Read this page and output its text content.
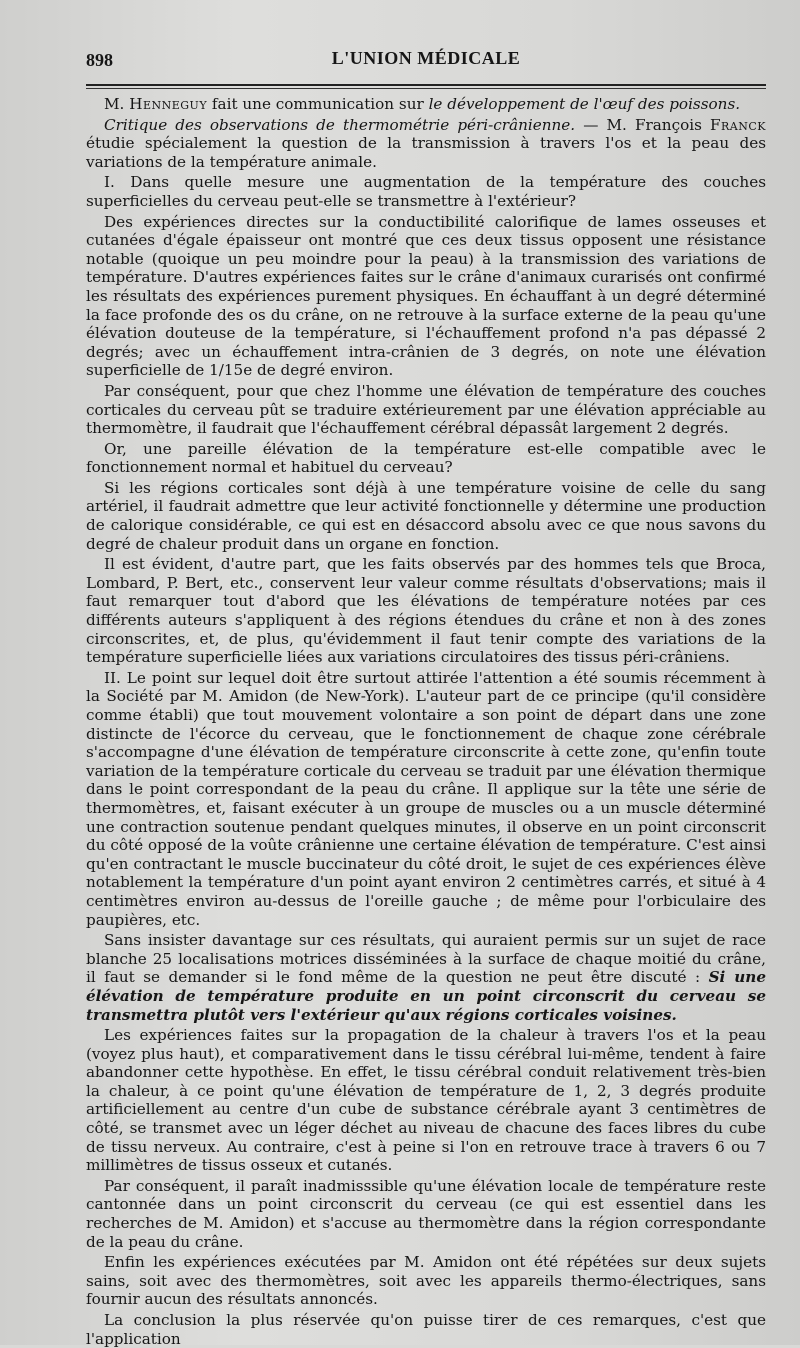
898	L'UNION MÉDICALE

M. Henneguy fait une communication sur le développement de l'œuf des poissons.

Critique des observations de thermométrie péri-crânienne. — M. François Franck étudie spécialement la question de la transmission à travers l'os et la peau des variations de la température animale.

I. Dans quelle mesure une augmentation de la température des couches superficielles du cerveau peut-elle se transmettre à l'extérieur?

Des expériences directes sur la conductibilité calorifique de lames osseuses et cutanées d'égale épaisseur ont montré que ces deux tissus opposent une résistance notable (quoique un peu moindre pour la peau) à la transmission des variations de température. D'autres expériences faites sur le crâne d'animaux curarisés ont confirmé les résultats des expériences purement physiques. En échauffant à un degré déterminé la face profonde des os du crâne, on ne retrouve à la surface externe de la peau qu'une élévation douteuse de la température, si l'échauffement profond n'a pas dépassé 2 degrés; avec un échauffement intra-crânien de 3 degrés, on note une élévation superficielle de 1/15e de degré environ.

Par conséquent, pour que chez l'homme une élévation de température des couches corticales du cerveau pût se traduire extérieurement par une élévation appréciable au thermomètre, il faudrait que l'échauffement cérébral dépassât largement 2 degrés.

Or, une pareille élévation de la température est-elle compatible avec le fonctionnement normal et habituel du cerveau?

Si les régions corticales sont déjà à une température voisine de celle du sang artériel, il faudrait admettre que leur activité fonctionnelle y détermine une production de calorique considérable, ce qui est en désaccord absolu avec ce que nous savons du degré de chaleur produit dans un organe en fonction.

Il est évident, d'autre part, que les faits observés par des hommes tels que Broca, Lombard, P. Bert, etc., conservent leur valeur comme résultats d'observations; mais il faut remarquer tout d'abord que les élévations de température notées par ces différents auteurs s'appliquent à des régions étendues du crâne et non à des zones circonscrites, et, de plus, qu'évidemment il faut tenir compte des variations de la température superficielle liées aux variations circulatoires des tissus péri-crâniens.

II. Le point sur lequel doit être surtout attirée l'attention a été soumis récemment à la Société par M. Amidon (de New-York). L'auteur part de ce principe (qu'il considère comme établi) que tout mouvement volontaire a son point de départ dans une zone distincte de l'écorce du cerveau, que le fonctionnement de chaque zone cérébrale s'accompagne d'une élévation de température circonscrite à cette zone, qu'enfin toute variation de la température corticale du cerveau se traduit par une élévation thermique dans le point correspondant de la peau du crâne. Il applique sur la tête une série de thermomètres, et, faisant exécuter à un groupe de muscles ou a un muscle déterminé une contraction soutenue pendant quelques minutes, il observe en un point circonscrit du côté opposé de la voûte crânienne une certaine élévation de température. C'est ainsi qu'en contractant le muscle buccinateur du côté droit, le sujet de ces expériences élève notablement la température d'un point ayant environ 2 centimètres carrés, et situé à 4 centimètres environ au-dessus de l'oreille gauche ; de même pour l'orbiculaire des paupières, etc.

Sans insister davantage sur ces résultats, qui auraient permis sur un sujet de race blanche 25 localisations motrices disséminées à la surface de chaque moitié du crâne, il faut se demander si le fond même de la question ne peut être discuté : Si une élévation de température produite en un point circonscrit du cerveau se transmettra plutôt vers l'extérieur qu'aux régions corticales voisines.

Les expériences faites sur la propagation de la chaleur à travers l'os et la peau (voyez plus haut), et comparativement dans le tissu cérébral lui-même, tendent à faire abandonner cette hypothèse. En effet, le tissu cérébral conduit relativement très-bien la chaleur, à ce point qu'une élévation de température de 1, 2, 3 degrés produite artificiellement au centre d'un cube de substance cérébrale ayant 3 centimètres de côté, se transmet avec un léger déchet au niveau de chacune des faces libres du cube de tissu nerveux. Au contraire, c'est à peine si l'on en retrouve trace à travers 6 ou 7 millimètres de tissus osseux et cutanés.

Par conséquent, il paraît inadmisssible qu'une élévation locale de température reste cantonnée dans un point circonscrit du cerveau (ce qui est essentiel dans les recherches de M. Amidon) et s'accuse au thermomètre dans la région correspondante de la peau du crâne.

Enfin les expériences exécutées par M. Amidon ont été répétées sur deux sujets sains, soit avec des thermomètres, soit avec les appareils thermo-électriques, sans fournir aucun des résultats annoncés.

La conclusion la plus réservée qu'on puisse tirer de ces remarques, c'est que l'application
